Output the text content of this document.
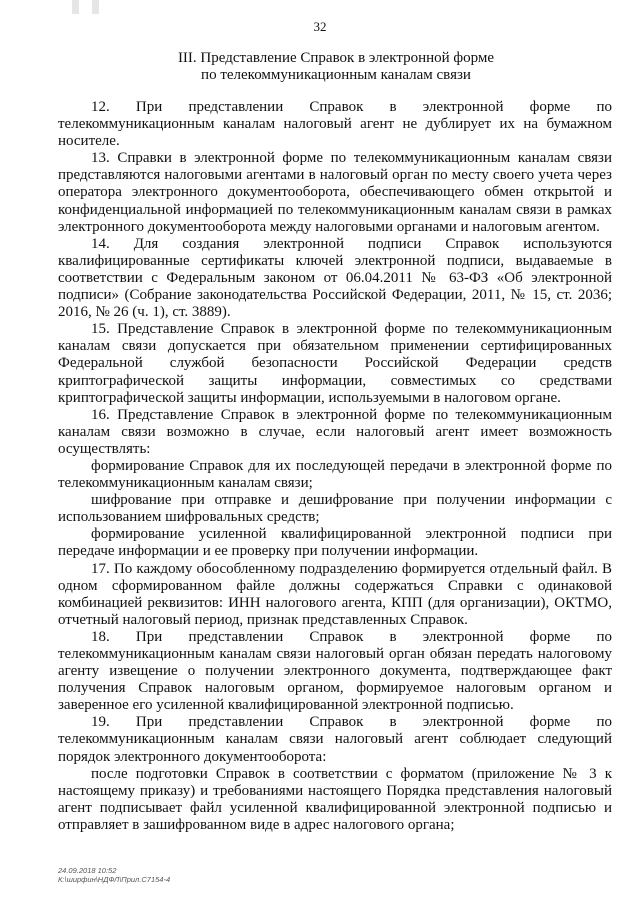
32
III. Представление Справок в электронной форме
по телекоммуникационным каналам связи

12. При представлении Справок в электронной форме по телекоммуникационным каналам налоговый агент не дублирует их на бумажном носителе.

13. Справки в электронной форме по телекоммуникационным каналам связи представляются налоговыми агентами в налоговый орган по месту своего учета через оператора электронного документооборота, обеспечивающего обмен открытой и конфиденциальной информацией по телекоммуникационным каналам связи в рамках электронного документооборота между налоговыми органами и налоговым агентом.

14. Для создания электронной подписи Справок используются квалифицированные сертификаты ключей электронной подписи, выдаваемые в соответствии с Федеральным законом от 06.04.2011 № 63-ФЗ «Об электронной подписи» (Собрание законодательства Российской Федерации, 2011, № 15, ст. 2036; 2016, № 26 (ч. 1), ст. 3889).

15. Представление Справок в электронной форме по телекоммуникационным каналам связи допускается при обязательном применении сертифицированных Федеральной службой безопасности Российской Федерации средств криптографической защиты информации, совместимых со средствами криптографической защиты информации, используемыми в налоговом органе.

16. Представление Справок в электронной форме по телекоммуникационным каналам связи возможно в случае, если налоговый агент имеет возможность осуществлять:

формирование Справок для их последующей передачи в электронной форме по телекоммуникационным каналам связи;

шифрование при отправке и дешифрование при получении информации с использованием шифровальных средств;

формирование усиленной квалифицированной электронной подписи при передаче информации и ее проверку при получении информации.

17. По каждому обособленному подразделению формируется отдельный файл. В одном сформированном файле должны содержаться Справки с одинаковой комбинацией реквизитов: ИНН налогового агента, КПП (для организации), ОКТМО, отчетный налоговый период, признак представленных Справок.

18. При представлении Справок в электронной форме по телекоммуникационным каналам связи налоговый орган обязан передать налоговому агенту извещение о получении электронного документа, подтверждающее факт получения Справок налоговым органом, формируемое налоговым органом и заверенное его усиленной квалифицированной электронной подписью.

19. При представлении Справок в электронной форме по телекоммуникационным каналам связи налоговый агент соблюдает следующий порядок электронного документооборота:

после подготовки Справок в соответствии с форматом (приложение № 3 к настоящему приказу) и требованиями настоящего Порядка представления налоговый агент подписывает файл усиленной квалифицированной электронной подписью и отправляет в зашифрованном виде в адрес налогового органа;

24.09.2018 10:52
К:\ширфин\НДФЛ\Прил.С7154-4
